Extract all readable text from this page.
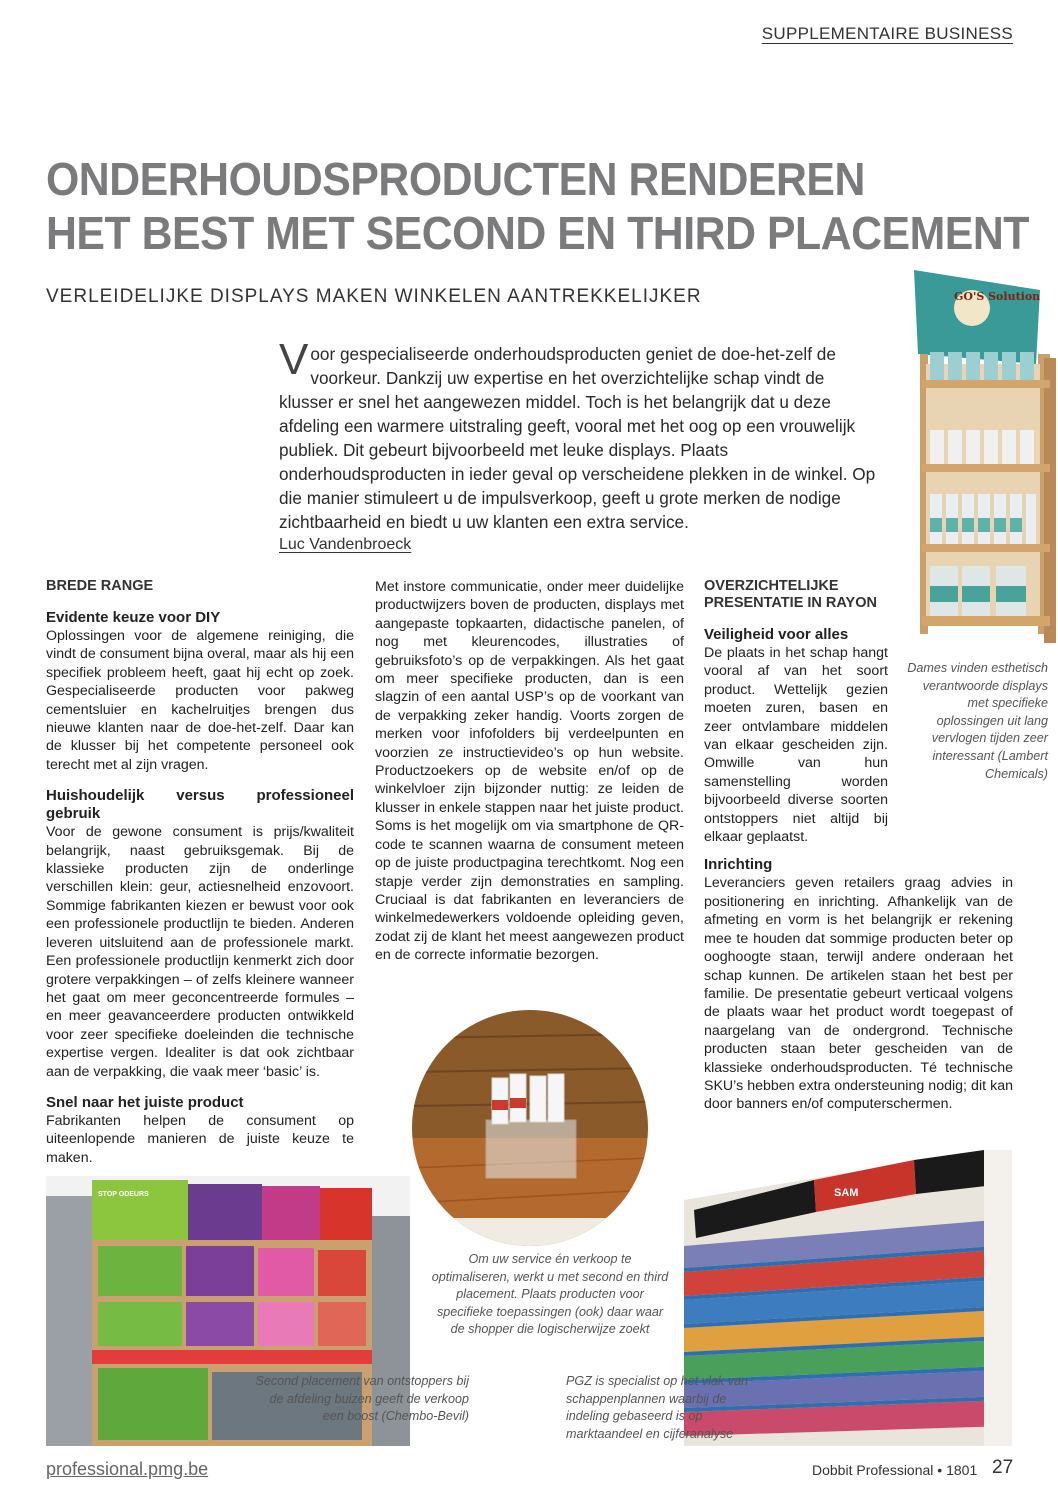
SUPPLEMENTAIRE BUSINESS
ONDERHOUDSPRODUCTEN RENDEREN
HET BEST MET SECOND EN THIRD PLACEMENT
VERLEIDELIJKE DISPLAYS MAKEN WINKELEN AANTREKKELIJKER
V oor gespecialiseerde onderhoudsproducten geniet de doe-het-zelf de voorkeur. Dankzij uw expertise en het overzichtelijke schap vindt de klusser er snel het aangewezen middel. Toch is het belangrijk dat u deze afdeling een warmere uitstraling geeft, vooral met het oog op een vrouwelijk publiek. Dit gebeurt bijvoorbeeld met leuke displays. Plaats onderhoudsproducten in ieder geval op verscheidene plekken in de winkel. Op die manier stimuleert u de impulsverkoop, geeft u grote merken de nodige zichtbaarheid en biedt u uw klanten een extra service.
Luc Vandenbroeck
BREDE RANGE
Evidente keuze voor DIY

Oplossingen voor de algemene reiniging, die vindt de consument bijna overal, maar als hij een specifiek probleem heeft, gaat hij echt op zoek. Gespecialiseerde producten voor pakweg cementsluier en kachelruitjes brengen dus nieuwe klanten naar de doe-het-zelf. Daar kan de klusser bij het competente personeel ook terecht met al zijn vragen.

Huishoudelijk versus professioneel gebruik

Voor de gewone consument is prijs/kwaliteit belangrijk, naast gebruiksgemak. Bij de klassieke producten zijn de onderlinge verschillen klein: geur, actiesnelheid enzovoort. Sommige fabrikanten kiezen er bewust voor ook een professionele productlijn te bieden. Anderen leveren uitsluitend aan de professionele markt. Een professionele productlijn kenmerkt zich door grotere verpakkingen – of zelfs kleinere wanneer het gaat om meer geconcentreerde formules – en meer geavanceerdere producten ontwikkeld voor zeer specifieke doeleinden die technische expertise vergen. Idealiter is dat ook zichtbaar aan de verpakking, die vaak meer ‘basic’ is.

Snel naar het juiste product

Fabrikanten helpen de consument op uiteenlopende manieren de juiste keuze te maken.

Met instore communicatie, onder meer duidelijke productwijzers boven de producten, displays met aangepaste topkaarten, didactische panelen, of nog met kleurencodes, illustraties of gebruiksfoto’s op de verpakkingen. Als het gaat om meer specifieke producten, dan is een slagzin of een aantal USP’s op de voorkant van de verpakking zeker handig. Voorts zorgen de merken voor infofolders bij verdeelpunten en voorzien ze instructievideo’s op hun website. Productzoekers op de website en/of op de winkelvloer zijn bijzonder nuttig: ze leiden de klusser in enkele stappen naar het juiste product. Soms is het mogelijk om via smartphone de QR-code te scannen waarna de consument meteen op de juiste productpagina terechtkomt. Nog een stapje verder zijn demonstraties en sampling. Cruciaal is dat fabrikanten en leveranciers de winkelmedewerkers voldoende opleiding geven, zodat zij de klant het meest aangewezen product en de correcte informatie bezorgen.

OVERZICHTELIJKE PRESENTATIE IN RAYON
Veiligheid voor alles

De plaats in het schap hangt vooral af van het soort product. Wettelijk gezien moeten zuren, basen en zeer ontvlambare middelen van elkaar gescheiden zijn. Omwille van hun samenstelling worden bijvoorbeeld diverse soorten ontstoppers niet altijd bij elkaar geplaatst.

Inrichting

Leveranciers geven retailers graag advies in positionering en inrichting. Afhankelijk van de afmeting en vorm is het belangrijk er rekening mee te houden dat sommige producten beter op ooghoogte staan, terwijl andere onderaan het schap kunnen. De artikelen staan het best per familie. De presentatie gebeurt verticaal volgens de plaats waar het product wordt toegepast of naargelang van de ondergrond. Technische producten staan beter gescheiden van de klassieke onderhoudsproducten. Té technische SKU’s hebben extra ondersteuning nodig; dit kan door banners en/of computerschermen.

GO'S Solution
Dames vinden esthetisch verantwoorde displays met specifieke oplossingen uit lang vervlogen tijden zeer interessant (Lambert Chemicals)
Om uw service én verkoop te optimaliseren, werkt u met second en third placement. Plaats producten voor specifieke toepassingen (ook) daar waar de shopper die logischerwijze zoekt
STOP ODEURS
Second placement van ontstoppers bij de afdeling buizen geeft de verkoop een boost (Chembo-Bevil)
SAM
PGZ is specialist op het vlak van schappenplannen waarbij de indeling gebaseerd is op marktaandeel en cijferanalyse
professional.pmg.be	Dobbit Professional • 1801 27
